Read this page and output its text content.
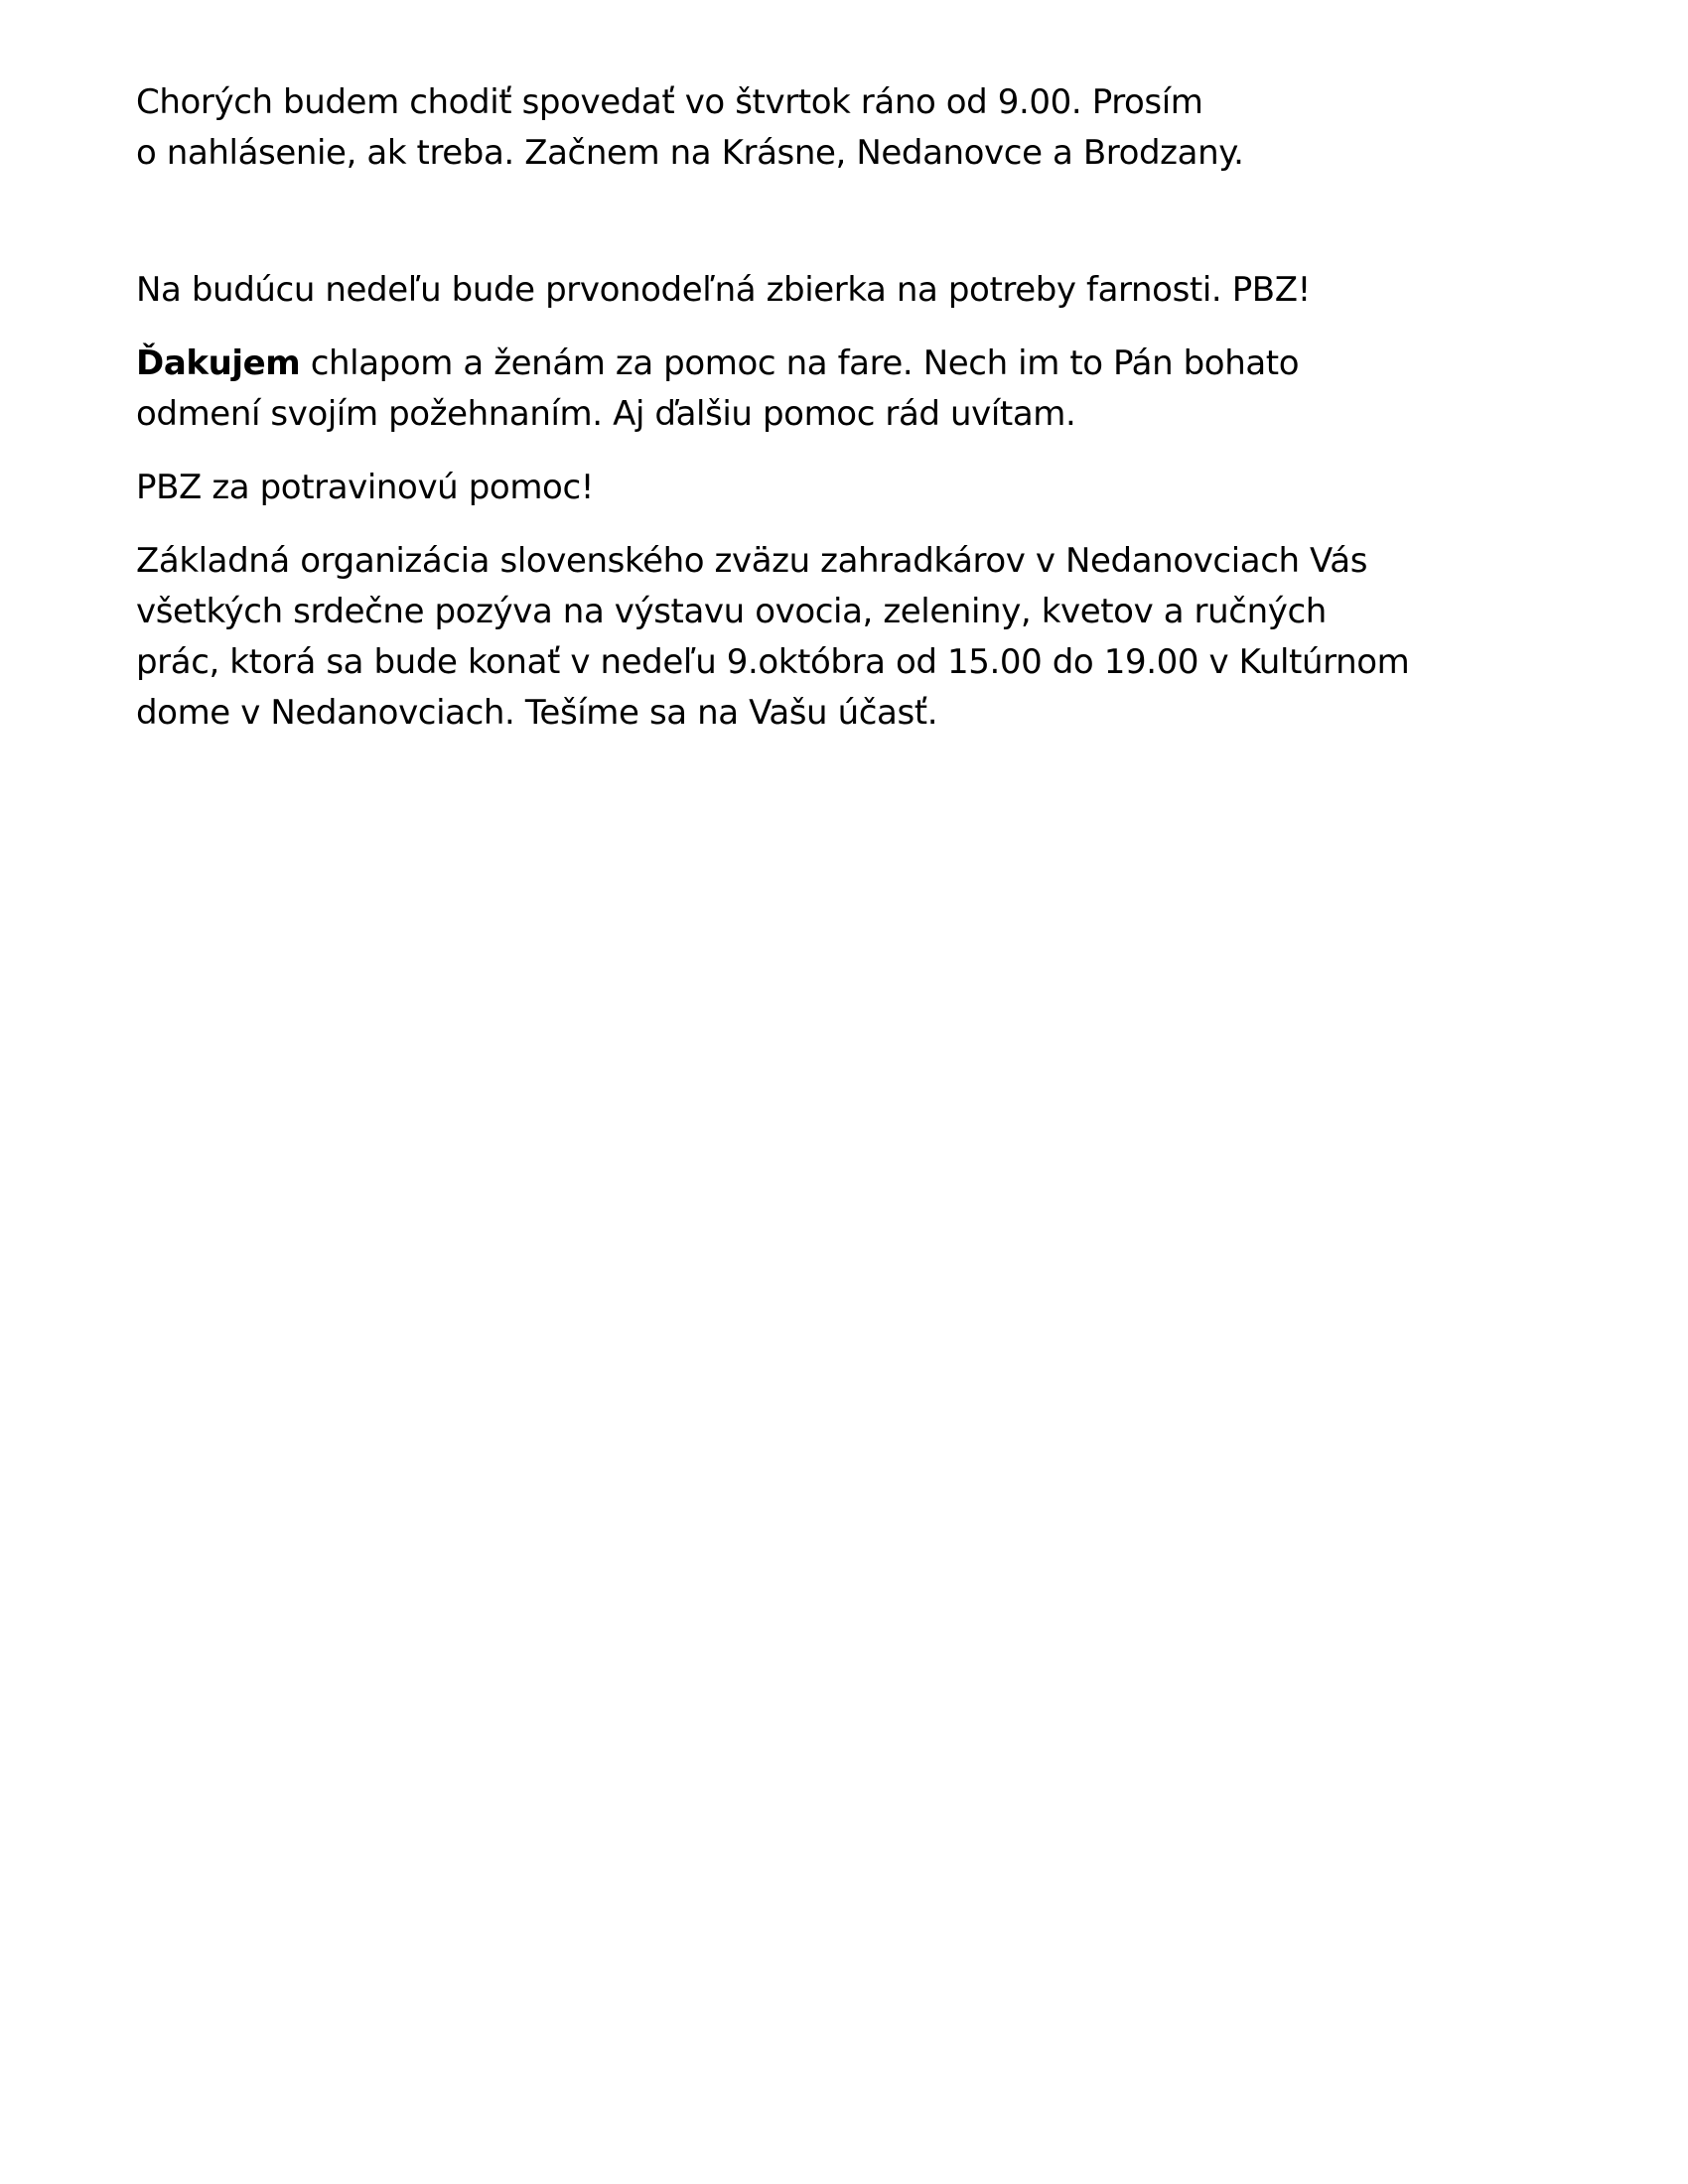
Chorých budem chodiť spovedať vo štvrtok ráno od 9.00. Prosím
o nahlásenie, ak treba. Začnem na Krásne, Nedanovce a Brodzany.

Na budúcu nedeľu bude prvonodeľná zbierka na potreby farnosti. PBZ!

Ďakujem chlapom a ženám za pomoc na fare. Nech im to Pán bohato
odmení svojím požehnaním. Aj ďalšiu pomoc rád uvítam.

PBZ za potravinovú pomoc!

Základná organizácia slovenského zväzu zahradkárov v Nedanovciach Vás
všetkých srdečne pozýva na výstavu ovocia, zeleniny, kvetov a ručných
prác, ktorá sa bude konať v nedeľu 9.októbra od 15.00 do 19.00 v Kultúrnom
dome v Nedanovciach. Tešíme sa na Vašu účasť.
